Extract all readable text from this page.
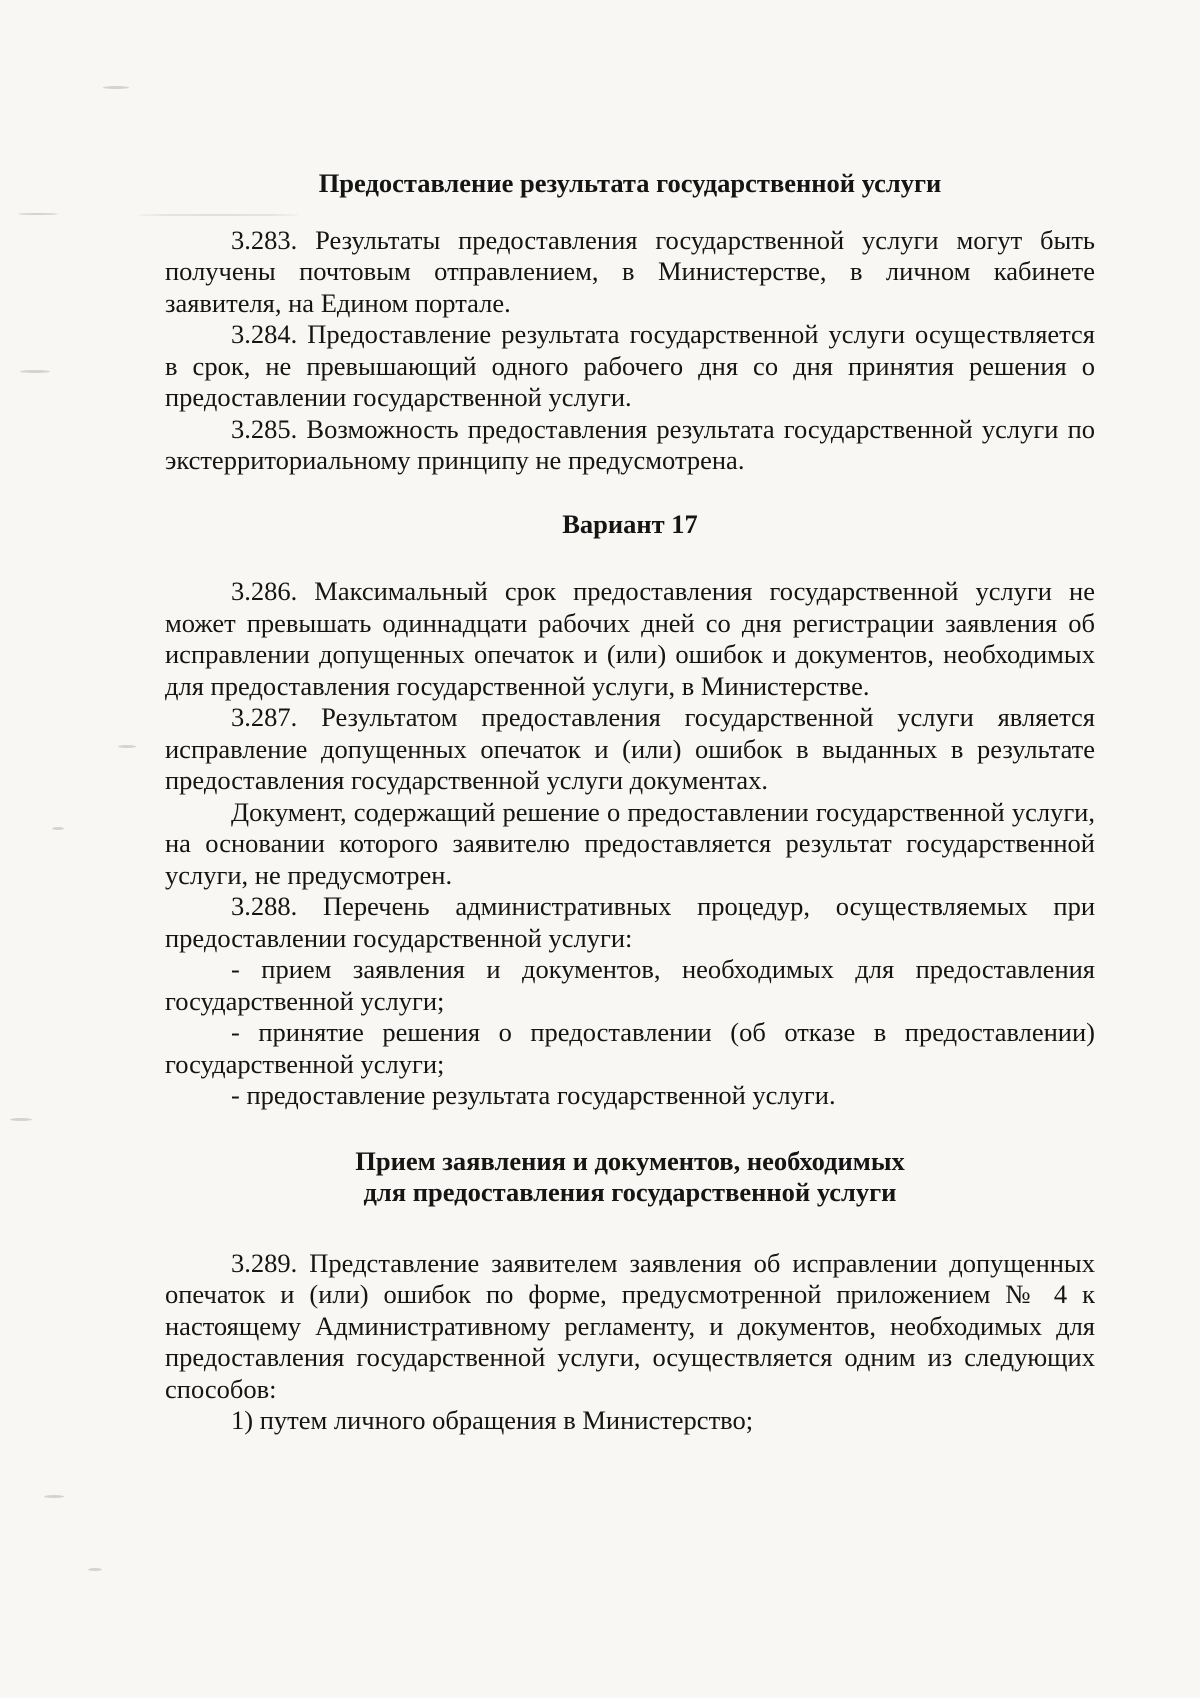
Предоставление результата государственной услуги

3.283. Результаты предоставления государственной услуги могут быть получены почтовым отправлением, в Министерстве, в личном кабинете заявителя, на Едином портале.

3.284. Предоставление результата государственной услуги осуществляется в срок, не превышающий одного рабочего дня со дня принятия решения о предоставлении государственной услуги.

3.285. Возможность предоставления результата государственной услуги по экстерриториальному принципу не предусмотрена.

Вариант 17

3.286. Максимальный срок предоставления государственной услуги не может превышать одиннадцати рабочих дней со дня регистрации заявления об исправлении допущенных опечаток и (или) ошибок и документов, необходимых для предоставления государственной услуги, в Министерстве.

3.287. Результатом предоставления государственной услуги является исправление допущенных опечаток и (или) ошибок в выданных в результате предоставления государственной услуги документах.

Документ, содержащий решение о предоставлении государственной услуги, на основании которого заявителю предоставляется результат государственной услуги, не предусмотрен.

3.288. Перечень административных процедур, осуществляемых при предоставлении государственной услуги:

- прием заявления и документов, необходимых для предоставления государственной услуги;

- принятие решения о предоставлении (об отказе в предоставлении) государственной услуги;

- предоставление результата государственной услуги.

Прием заявления и документов, необходимых
для предоставления государственной услуги

3.289. Представление заявителем заявления об исправлении допущенных опечаток и (или) ошибок по форме, предусмотренной приложением № 4 к настоящему Административному регламенту, и документов, необходимых для предоставления государственной услуги, осуществляется одним из следующих способов:

1) путем личного обращения в Министерство;
